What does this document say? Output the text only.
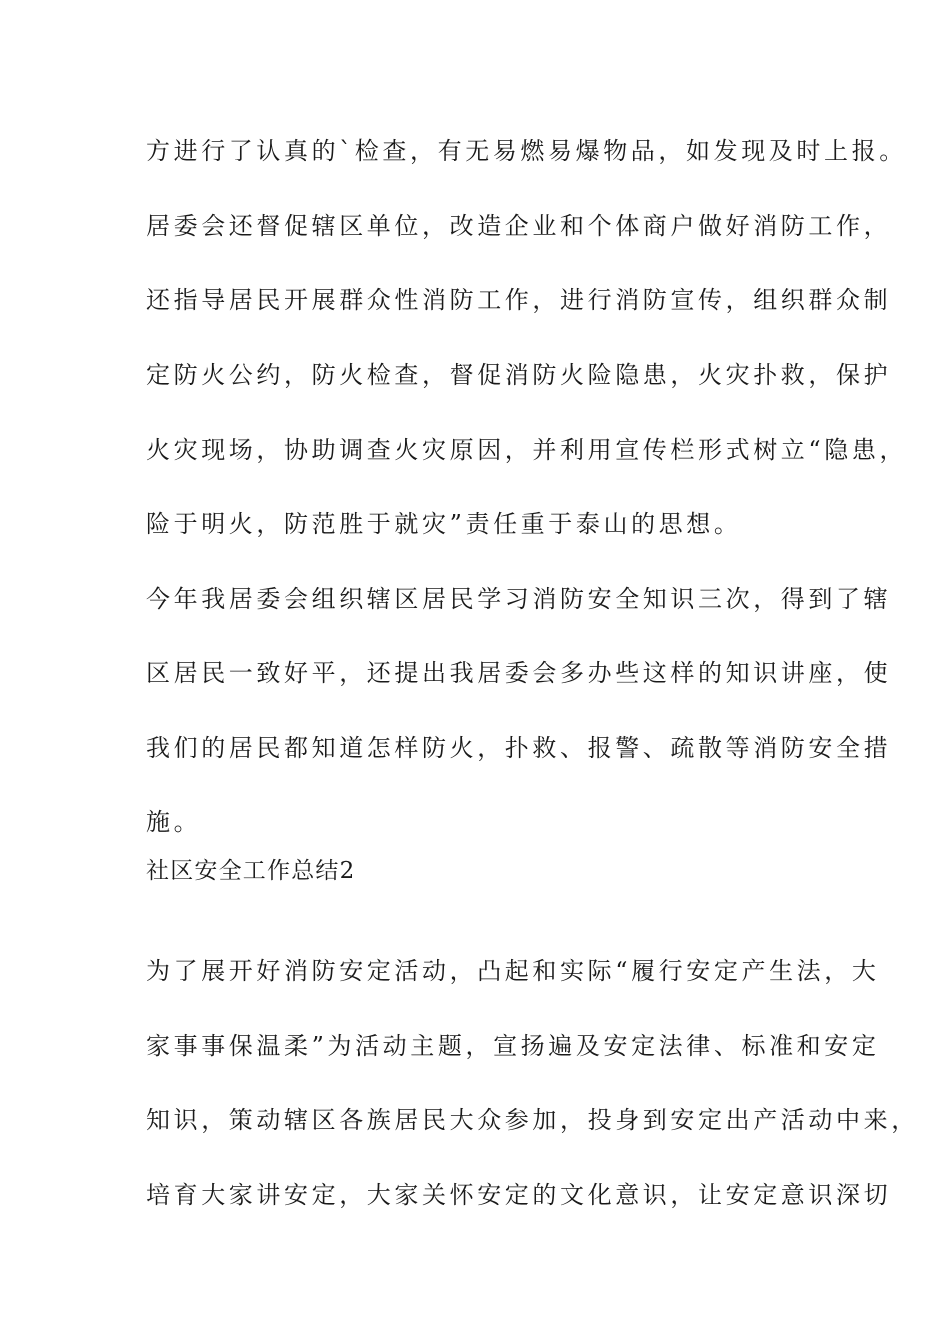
方进行了认真的`检查，有无易燃易爆物品，如发现及时上报。
居委会还督促辖区单位，改造企业和个体商户做好消防工作，
还指导居民开展群众性消防工作，进行消防宣传，组织群众制
定防火公约，防火检查，督促消防火险隐患，火灾扑救，保护
火灾现场，协助调查火灾原因，并利用宣传栏形式树立“隐患，
险于明火，防范胜于就灾”责任重于泰山的思想。
今年我居委会组织辖区居民学习消防安全知识三次，得到了辖
区居民一致好平，还提出我居委会多办些这样的知识讲座，使
我们的居民都知道怎样防火，扑救、报警、疏散等消防安全措
施。
社区安全工作总结2
为了展开好消防安定活动，凸起和实际“履行安定产生法，大
家事事保温柔”为活动主题，宣扬遍及安定法律、标准和安定
知识，策动辖区各族居民大众参加，投身到安定出产活动中来，
培育大家讲安定，大家关怀安定的文化意识，让安定意识深切
